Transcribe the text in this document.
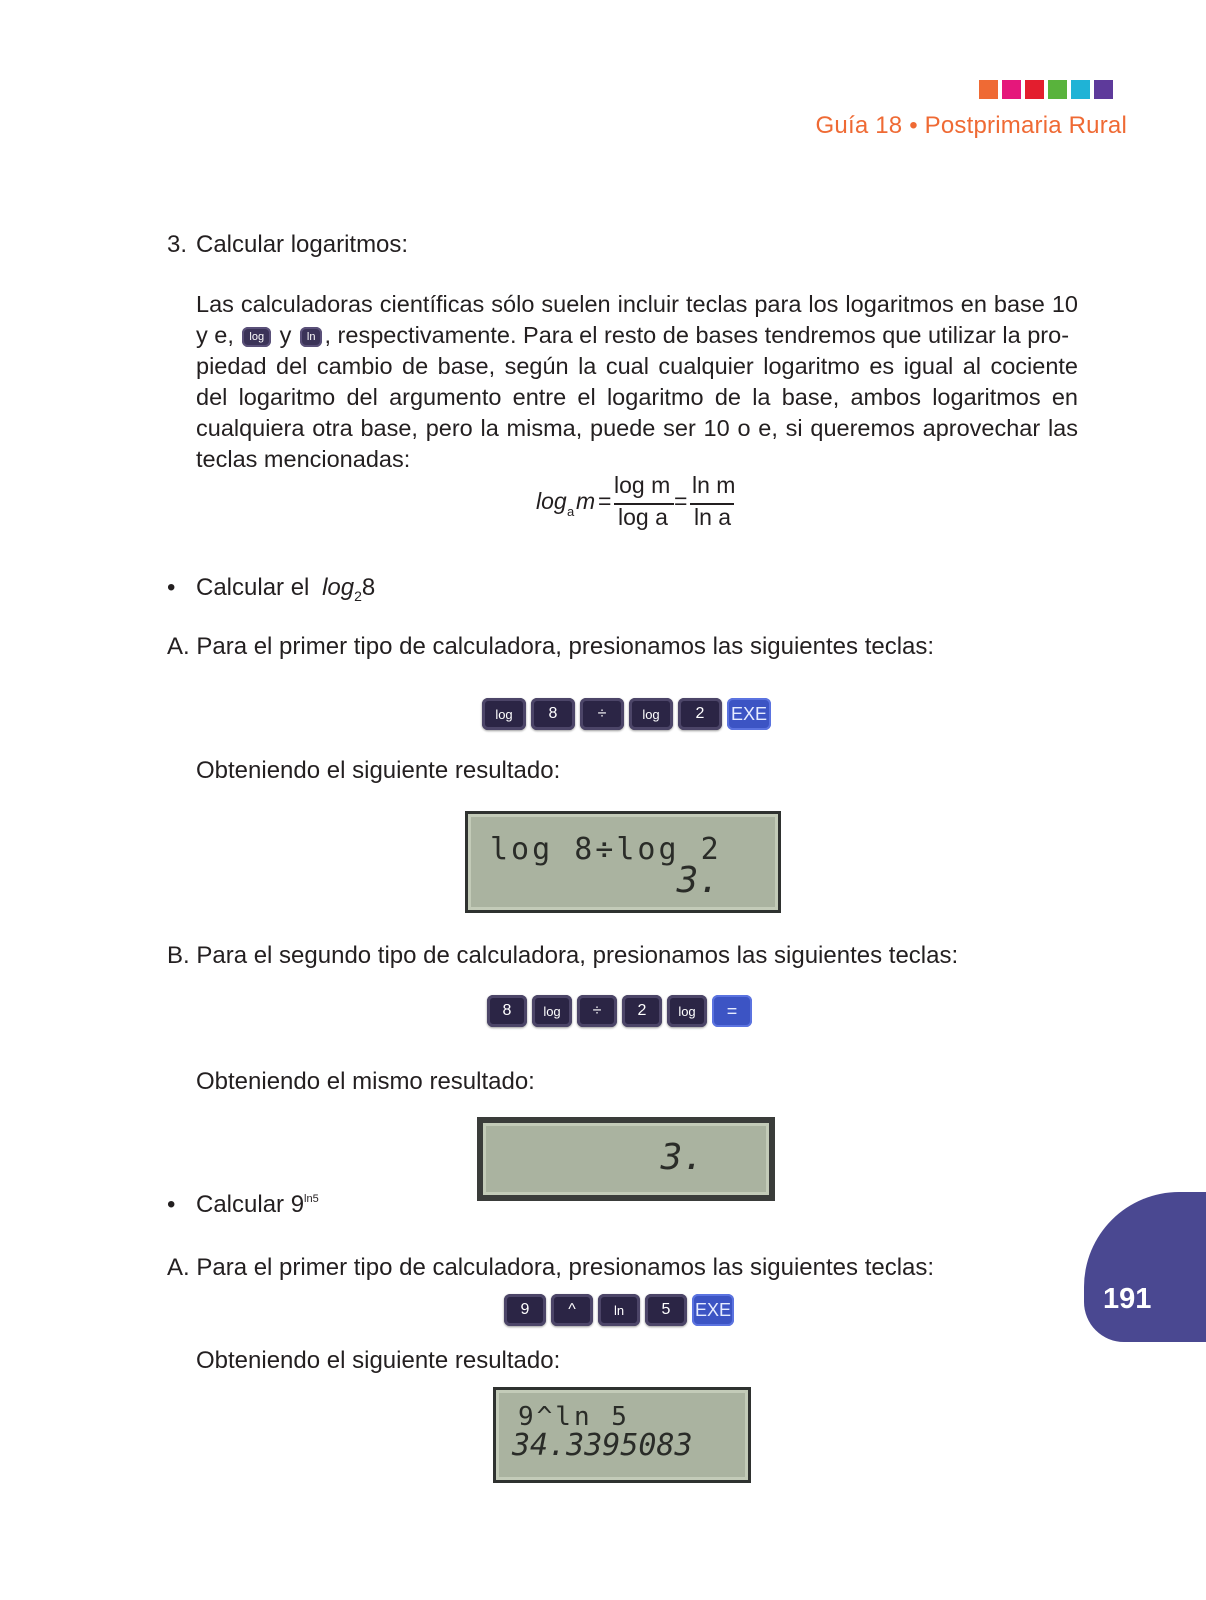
Guía 18 • Postprimaria Rural
3. Calcular logaritmos:
Las calculadoras científicas sólo suelen incluir teclas para los logaritmos en base 10
y e, log y ln , respectivamente. Para el resto de bases tendremos que utilizar la pro-
piedad del cambio de base, según la cual cualquier logaritmo es igual al cociente
del logaritmo del argumento entre el logaritmo de la base, ambos logaritmos en
cualquiera otra base, pero la misma, puede ser 10 o e, si queremos aprovechar las
teclas mencionadas:
log a m =
log m
log a
=
ln m
ln a
• Calcular el $\log_28$
A. Para el primer tipo de calculadora, presionamos las siguientes teclas:
log	8	÷	log	2	EXE
Obteniendo el siguiente resultado:
log 8÷log 2
3.
B. Para el segundo tipo de calculadora, presionamos las siguientes teclas:
8	log	÷	2	log	=
Obteniendo el mismo resultado:
3.
• Calcular $9^{ln5}$
A. Para el primer tipo de calculadora, presionamos las siguientes teclas:
9	^	ln	5	EXE
Obteniendo el siguiente resultado:
9^ln 5
34.3395083
191
